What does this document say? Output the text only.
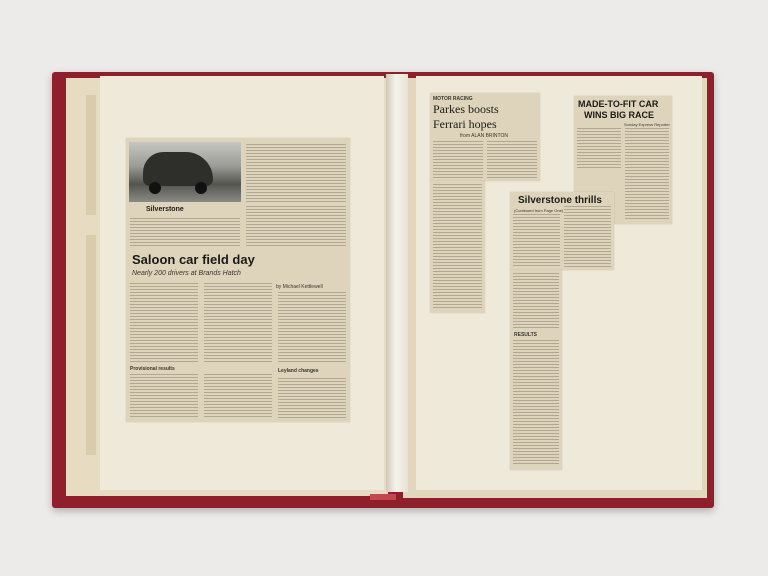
Silverstone
Saloon car field day
Nearly 200 drivers at Brands Hatch
by Michael Kettlewell
Provisional results	Leyland changes
MOTOR RACING
Parkes boosts
Ferrari hopes
from ALAN BRINTON
MADE-TO-FIT CAR
WINS BIG RACE
Sunday Express Reporter
Silverstone thrills
(Continued from Page One)
RESULTS
